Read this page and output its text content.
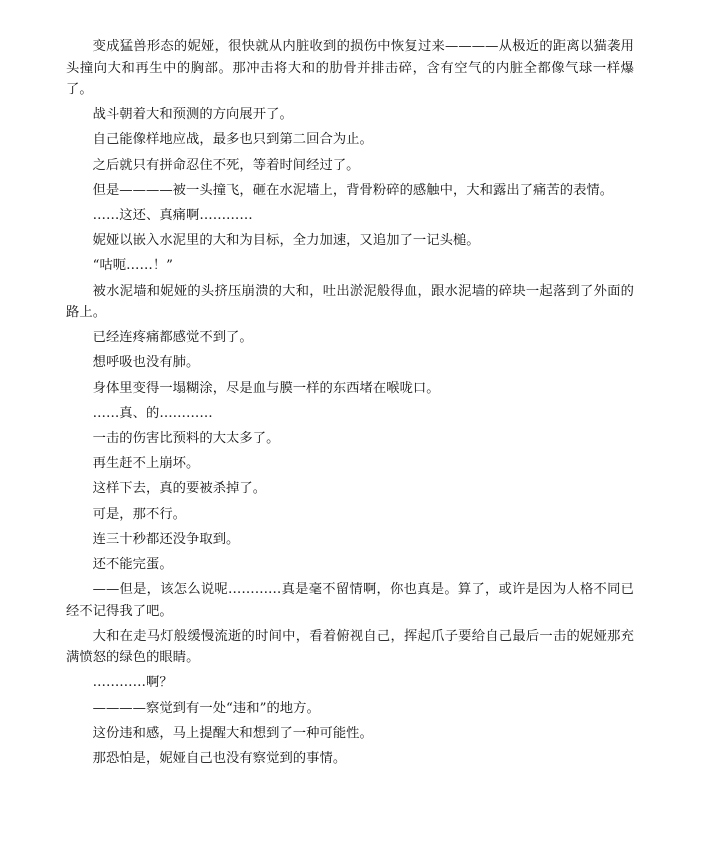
变成猛兽形态的妮娅，很快就从内脏收到的损伤中恢复过来————从极近的距离以猫袭用头撞向大和再生中的胸部。那冲击将大和的肋骨并排击碎，含有空气的内脏全都像气球一样爆了。

战斗朝着大和预测的方向展开了。

自己能像样地应战，最多也只到第二回合为止。

之后就只有拼命忍住不死，等着时间经过了。

但是————被一头撞飞，砸在水泥墙上，背骨粉碎的感触中，大和露出了痛苦的表情。

……这还、真痛啊…………

妮娅以嵌入水泥里的大和为目标，全力加速，又追加了一记头槌。

“咕呃……！”

被水泥墙和妮娅的头挤压崩溃的大和，吐出淤泥般得血，跟水泥墙的碎块一起落到了外面的路上。

已经连疼痛都感觉不到了。

想呼吸也没有肺。

身体里变得一塌糊涂，尽是血与膜一样的东西堵在喉咙口。

……真、的…………

一击的伤害比预料的大太多了。

再生赶不上崩坏。

这样下去，真的要被杀掉了。

可是，那不行。

连三十秒都还没争取到。

还不能完蛋。

——但是，该怎么说呢…………真是毫不留情啊，你也真是。算了，或许是因为人格不同已经不记得我了吧。

大和在走马灯般缓慢流逝的时间中，看着俯视自己，挥起爪子要给自己最后一击的妮娅那充满愤怒的绿色的眼睛。

…………啊？

————察觉到有一处“违和”的地方。

这份违和感，马上提醒大和想到了一种可能性。

那恐怕是，妮娅自己也没有察觉到的事情。
